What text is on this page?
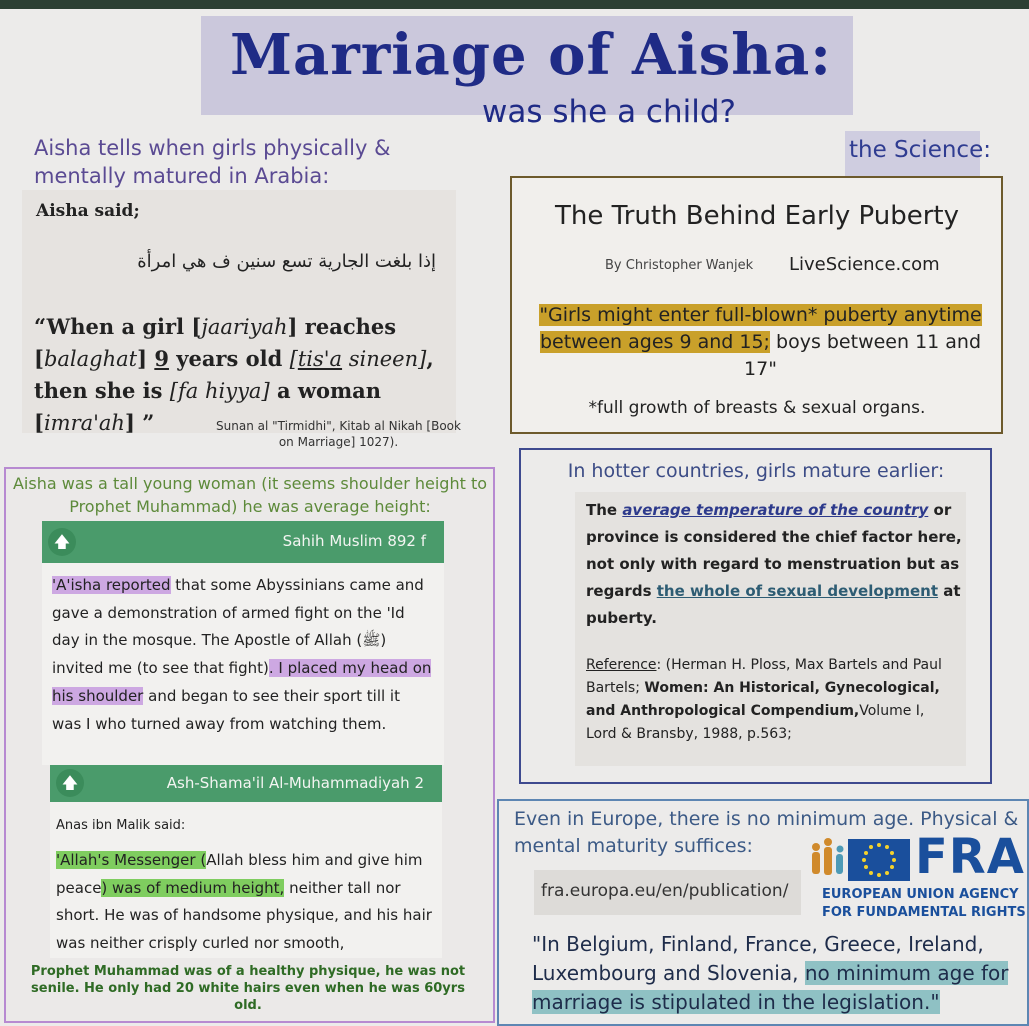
Marriage of Aisha:
was she a child?
Aisha tells when girls physically & mentally matured in Arabia:
Aisha said;
إذا بلغت الجارية تسع سنين ف هي امرأة
“When a girl [jaariyah] reaches [balaghat] 9 years old [tis'a sineen], then she is [fa hiyya] a woman [imra'ah] ”	Sunan al "Tirmidhi", Kitab al Nikah [Book on Marriage] 1027).
the Science:
The Truth Behind Early Puberty
By Christopher Wanjek LiveScience.com
"Girls might enter full-blown* puberty anytime between ages 9 and 15; boys between 11 and 17"
*full growth of breasts & sexual organs.
Aisha was a tall young woman (it seems shoulder height to Prophet Muhammad) he was average height:
🡅	Sahih Muslim 892 f
'A'isha reported that some Abyssinians came and gave a demonstration of armed fight on the 'Id day in the mosque. The Apostle of Allah (ﷺ) invited me (to see that fight). I placed my head on his shoulder and began to see their sport till it was I who turned away from watching them.
🡅	Ash-Shama'il Al-Muhammadiyah 2
Anas ibn Malik said:
'Allah's Messenger (Allah bless him and give him peace) was of medium height, neither tall nor short. He was of handsome physique, and his hair was neither crisply curled nor smooth,
Prophet Muhammad was of a healthy physique, he was not senile. He only had 20 white hairs even when he was 60yrs old.
In hotter countries, girls mature earlier:
The average temperature of the country or province is considered the chief factor here, not only with regard to menstruation but as regards the whole of sexual development at puberty.
Reference: (Herman H. Ploss, Max Bartels and Paul Bartels; Women: An Historical, Gynecological, and Anthropological Compendium,Volume I, Lord & Bransby, 1988, p.563;
Even in Europe, there is no minimum age. Physical & mental maturity suffices:
fra.europa.eu/en/publication/
FRA
EUROPEAN UNION AGENCY
FOR FUNDAMENTAL RIGHTS
"In Belgium, Finland, France, Greece, Ireland, Luxembourg and Slovenia, no minimum age for marriage is stipulated in the legislation."
